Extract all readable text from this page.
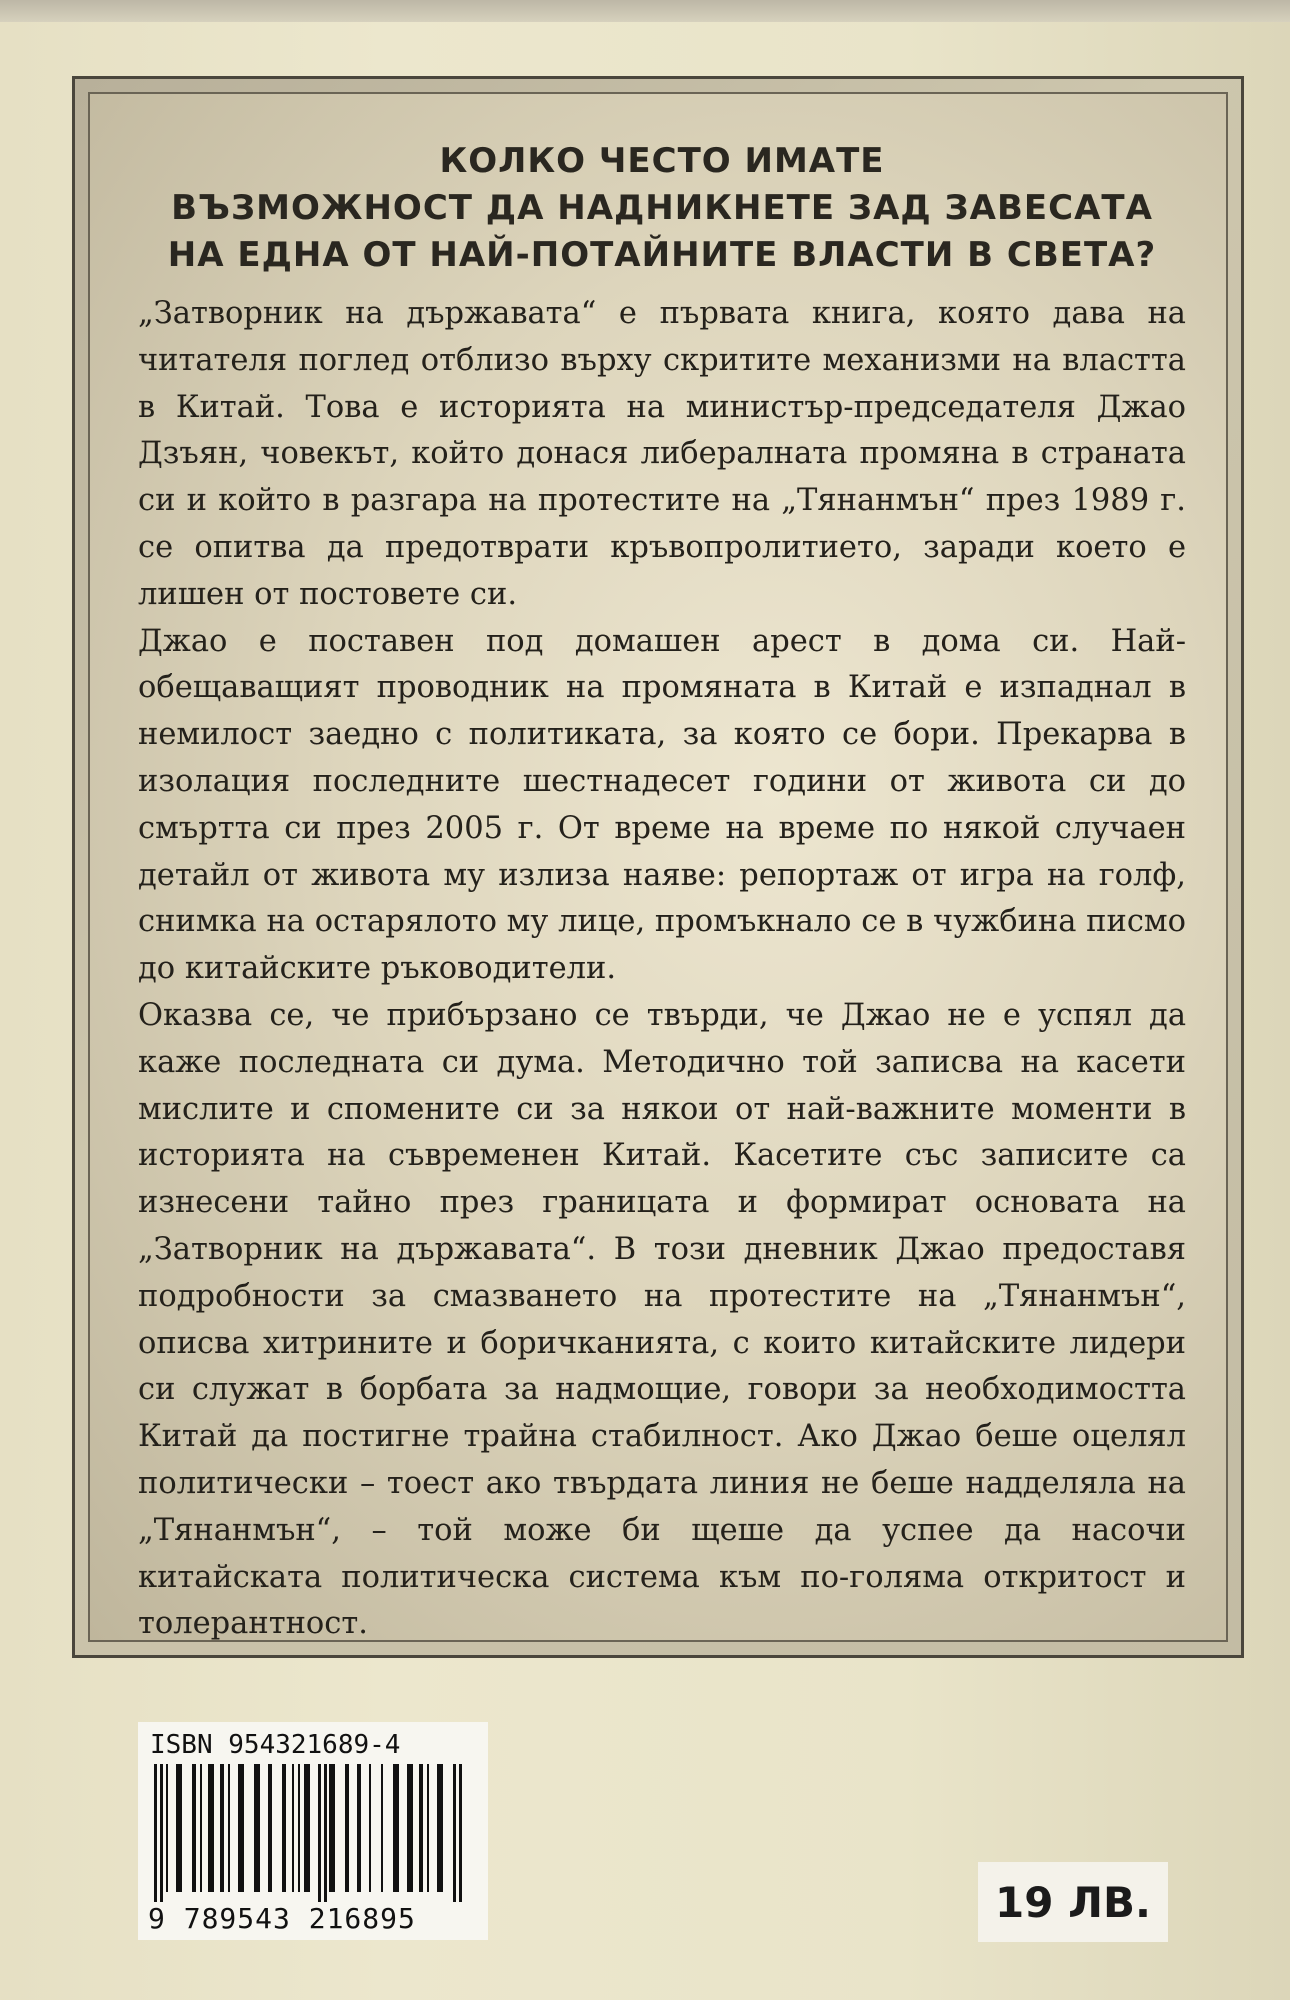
КОЛКО ЧЕСТО ИМАТЕ
ВЪЗМОЖНОСТ ДА НАДНИКНЕТЕ ЗАД ЗАВЕСАТА
НА ЕДНА ОТ НАЙ-ПОТАЙНИТЕ ВЛАСТИ В СВЕТА?

„Затворник на държавата“ е първата книга, която дава на читателя поглед отблизо върху скритите механизми на властта в Китай. Това е историята на министър-председателя Джао Дзъян, човекът, който донася либералната промяна в страната си и който в разгара на протестите на „Тянанмън“ през 1989 г. се опитва да предотврати кръвопролитието, заради което е лишен от постовете си.

Джао е поставен под домашен арест в дома си. Най-обещаващият проводник на промяната в Китай е изпаднал в немилост заедно с политиката, за която се бори. Прекарва в изолация последните шестнадесет години от живота си до смъртта си през 2005 г. От време на време по някой случаен детайл от живота му излиза наяве: репортаж от игра на голф, снимка на остарялото му лице, промъкнало се в чужбина писмо до китайските ръководители.

Оказва се, че прибързано се твърди, че Джао не е успял да каже последната си дума. Методично той записва на касети мислите и спомените си за някои от най-важните моменти в историята на съвременен Китай. Касетите със записите са изнесени тайно през границата и формират основата на „Затворник на държавата“. В този дневник Джао предоставя подробности за смазването на протестите на „Тянанмън“, описва хитрините и боричканията, с които китайските лидери си служат в борбата за надмощие, говори за необходимостта Китай да постигне трайна стабилност. Ако Джао беше оцелял политически – тоест ако твърдата линия не беше надделяла на „Тянанмън“, – той може би щеше да успее да насочи китайската политическа система към по-голяма откритост и толерантност.

ISBN 954321689-4
9 789543 216895	19 ЛВ.
